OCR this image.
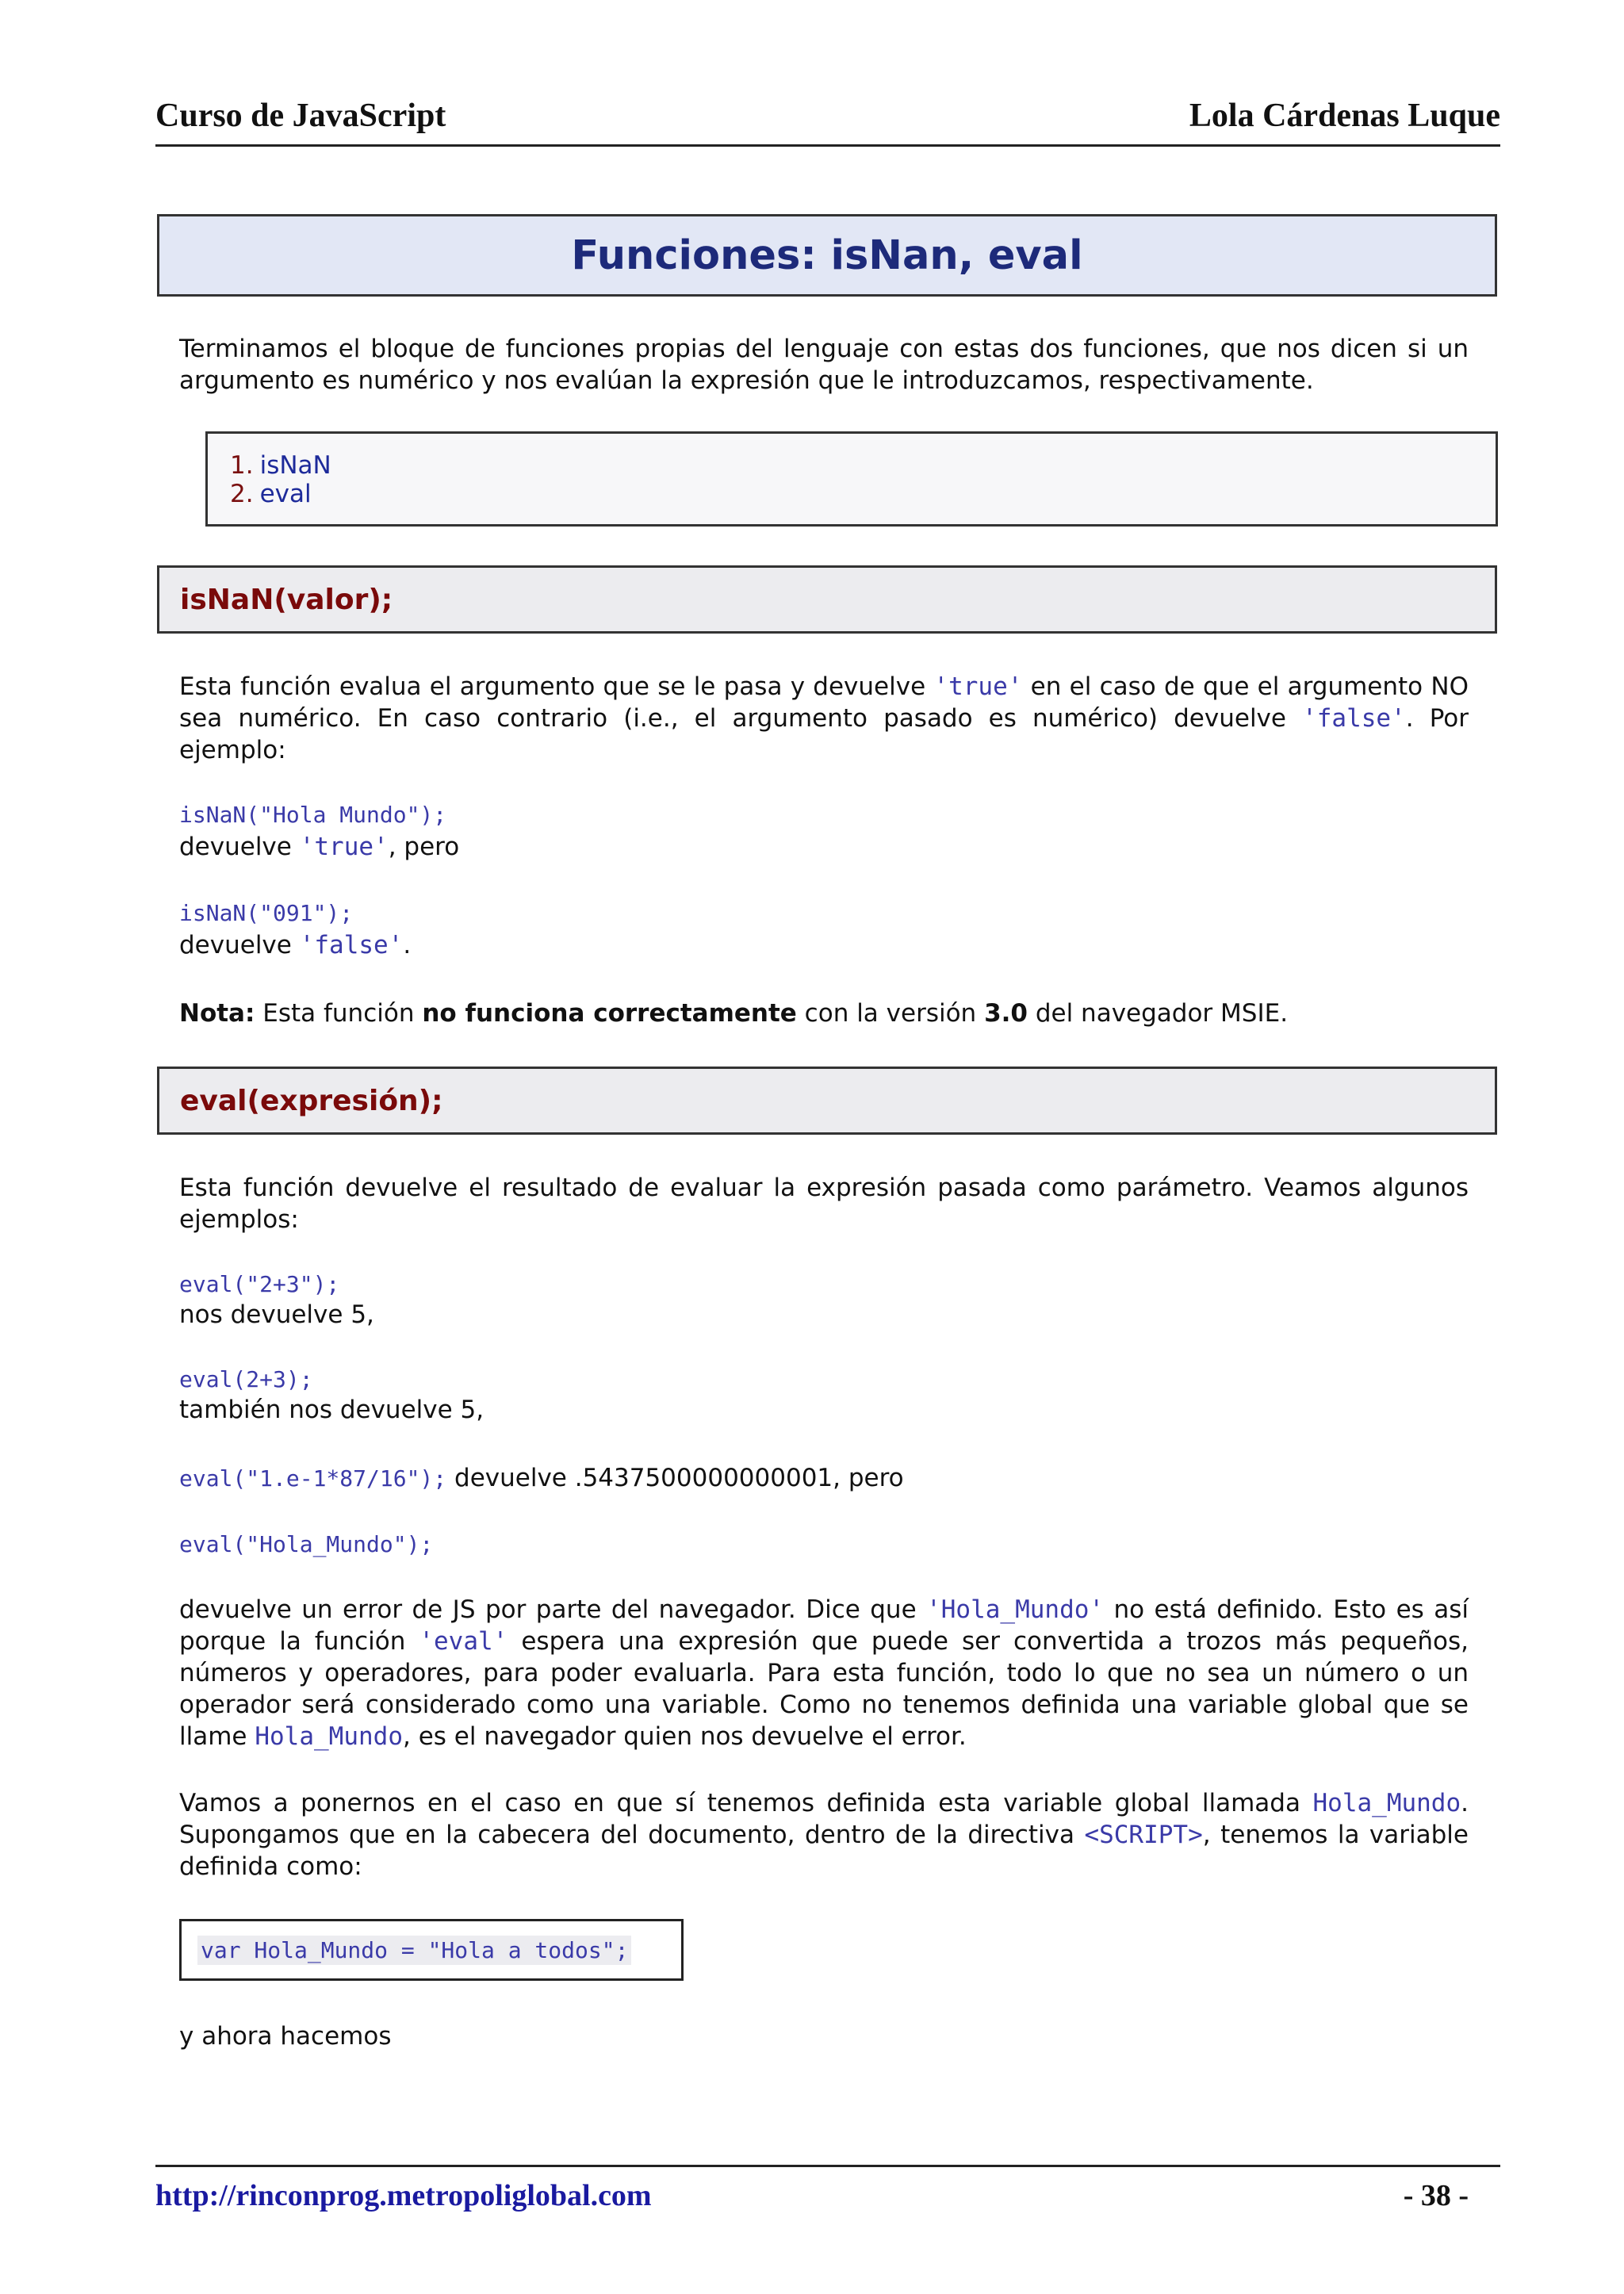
Curso de JavaScript	Lola Cárdenas Luque
Funciones: isNan, eval
Terminamos el bloque de funciones propias del lenguaje con estas dos funciones, que nos dicen si un argumento es numérico y nos evalúan la expresión que le introduzcamos, respectivamente.
1. isNaN
2. eval
isNaN(valor);
Esta función evalua el argumento que se le pasa y devuelve 'true' en el caso de que el argumento NO sea numérico. En caso contrario (i.e., el argumento pasado es numérico) devuelve 'false'. Por ejemplo:
isNaN("Hola Mundo");
devuelve 'true', pero
isNaN("091");
devuelve 'false'.
Nota: Esta función no funciona correctamente con la versión 3.0 del navegador MSIE.
eval(expresión);
Esta función devuelve el resultado de evaluar la expresión pasada como parámetro. Veamos algunos ejemplos:
eval("2+3");
nos devuelve 5,
eval(2+3);
también nos devuelve 5,
eval("1.e-1*87/16"); devuelve .5437500000000001, pero
eval("Hola_Mundo");
devuelve un error de JS por parte del navegador. Dice que 'Hola_Mundo' no está definido. Esto es así porque la función 'eval' espera una expresión que puede ser convertida a trozos más pequeños, números y operadores, para poder evaluarla. Para esta función, todo lo que no sea un número o un operador será considerado como una variable. Como no tenemos definida una variable global que se llame Hola_Mundo, es el navegador quien nos devuelve el error.
Vamos a ponernos en el caso en que sí tenemos definida esta variable global llamada Hola_Mundo. Supongamos que en la cabecera del documento, dentro de la directiva <SCRIPT>, tenemos la variable definida como:
var Hola_Mundo = "Hola a todos";
y ahora hacemos
http://rinconprog.metropoliglobal.com	- 38 -
